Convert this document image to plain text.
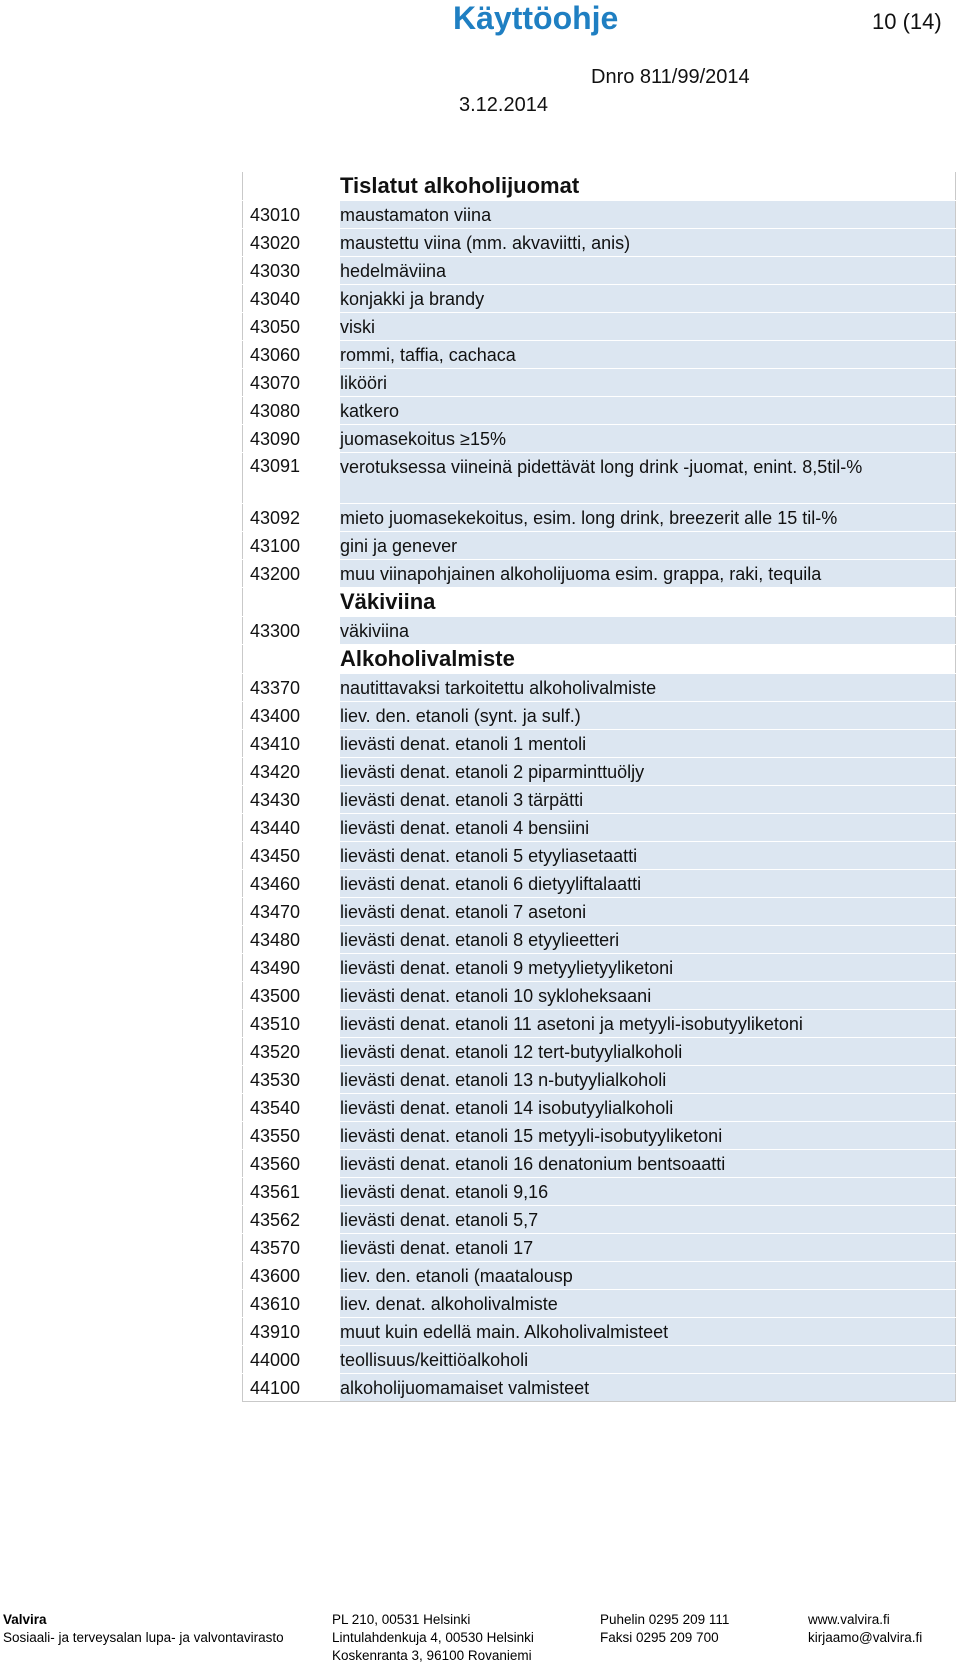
Käyttöohje	10 (14)
Dnro 811/99/2014
3.12.2014
	Tislatut alkoholijuomat
43010	maustamaton viina
43020	maustettu viina (mm. akvaviitti, anis)
43030	hedelmäviina
43040	konjakki ja brandy
43050	viski
43060	rommi, taffia, cachaca
43070	likööri
43080	katkero
43090	juomasekoitus ≥15%
43091	verotuksessa viineinä pidettävät long drink -juomat, enint. 8,5til-%
43092	mieto juomasekekoitus, esim. long drink, breezerit alle 15 til-%
43100	gini ja genever
43200	muu viinapohjainen alkoholijuoma esim. grappa, raki, tequila
	Väkiviina
43300	väkiviina
	Alkoholivalmiste
43370	nautittavaksi tarkoitettu alkoholivalmiste
43400	liev. den. etanoli (synt. ja sulf.)
43410	lievästi denat. etanoli 1 mentoli
43420	lievästi denat. etanoli 2 piparminttuöljy
43430	lievästi denat. etanoli 3 tärpätti
43440	lievästi denat. etanoli 4 bensiini
43450	lievästi denat. etanoli 5 etyyliasetaatti
43460	lievästi denat. etanoli 6 dietyyliftalaatti
43470	lievästi denat. etanoli 7 asetoni
43480	lievästi denat. etanoli 8 etyylieetteri
43490	lievästi denat. etanoli 9 metyylietyyliketoni
43500	lievästi denat. etanoli 10 sykloheksaani
43510	lievästi denat. etanoli 11 asetoni ja metyyli-isobutyyliketoni
43520	lievästi denat. etanoli 12 tert-butyylialkoholi
43530	lievästi denat. etanoli 13 n-butyylialkoholi
43540	lievästi denat. etanoli 14 isobutyylialkoholi
43550	lievästi denat. etanoli 15 metyyli-isobutyyliketoni
43560	lievästi denat. etanoli 16 denatonium bentsoaatti
43561	lievästi denat. etanoli 9,16
43562	lievästi denat. etanoli 5,7
43570	lievästi denat. etanoli 17
43600	liev. den. etanoli (maatalousp
43610	liev. denat. alkoholivalmiste
43910	muut kuin edellä main. Alkoholivalmisteet
44000	teollisuus/keittiöalkoholi
44100	alkoholijuomamaiset valmisteet
Valvira
Sosiaali- ja terveysalan lupa- ja valvontavirasto
PL 210, 00531 Helsinki
Lintulahdenkuja 4, 00530 Helsinki
Koskenranta 3, 96100 Rovaniemi
Puhelin 0295 209 111
Faksi 0295 209 700
www.valvira.fi
kirjaamo@valvira.fi
